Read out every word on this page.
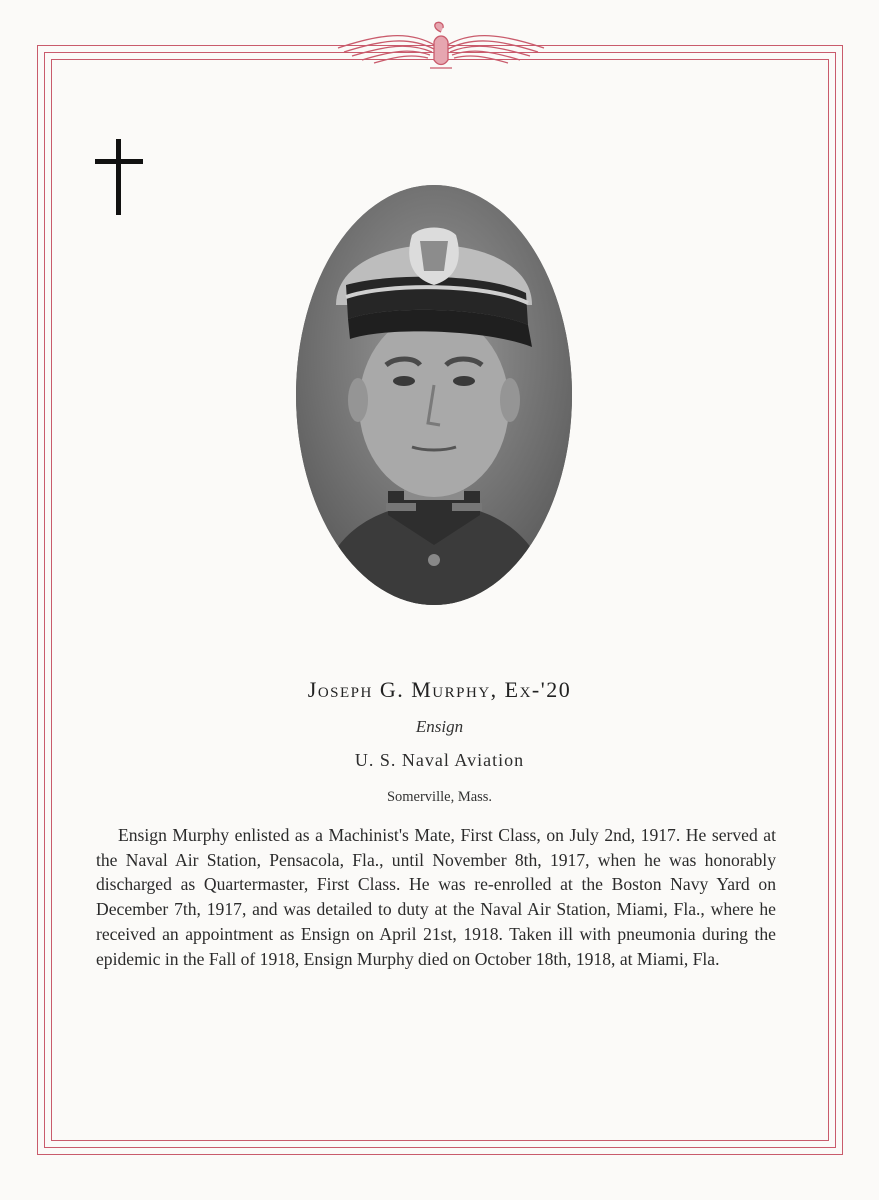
Joseph G. Murphy, Ex-'20
Ensign
U. S. Naval Aviation
Somerville, Mass.

Ensign Murphy enlisted as a Machinist's Mate, First Class, on July 2nd, 1917. He served at the Naval Air Station, Pensacola, Fla., until November 8th, 1917, when he was honorably discharged as Quartermaster, First Class. He was re-enrolled at the Boston Navy Yard on December 7th, 1917, and was detailed to duty at the Naval Air Station, Miami, Fla., where he received an appointment as Ensign on April 21st, 1918. Taken ill with pneumonia during the epidemic in the Fall of 1918, Ensign Murphy died on October 18th, 1918, at Miami, Fla.
